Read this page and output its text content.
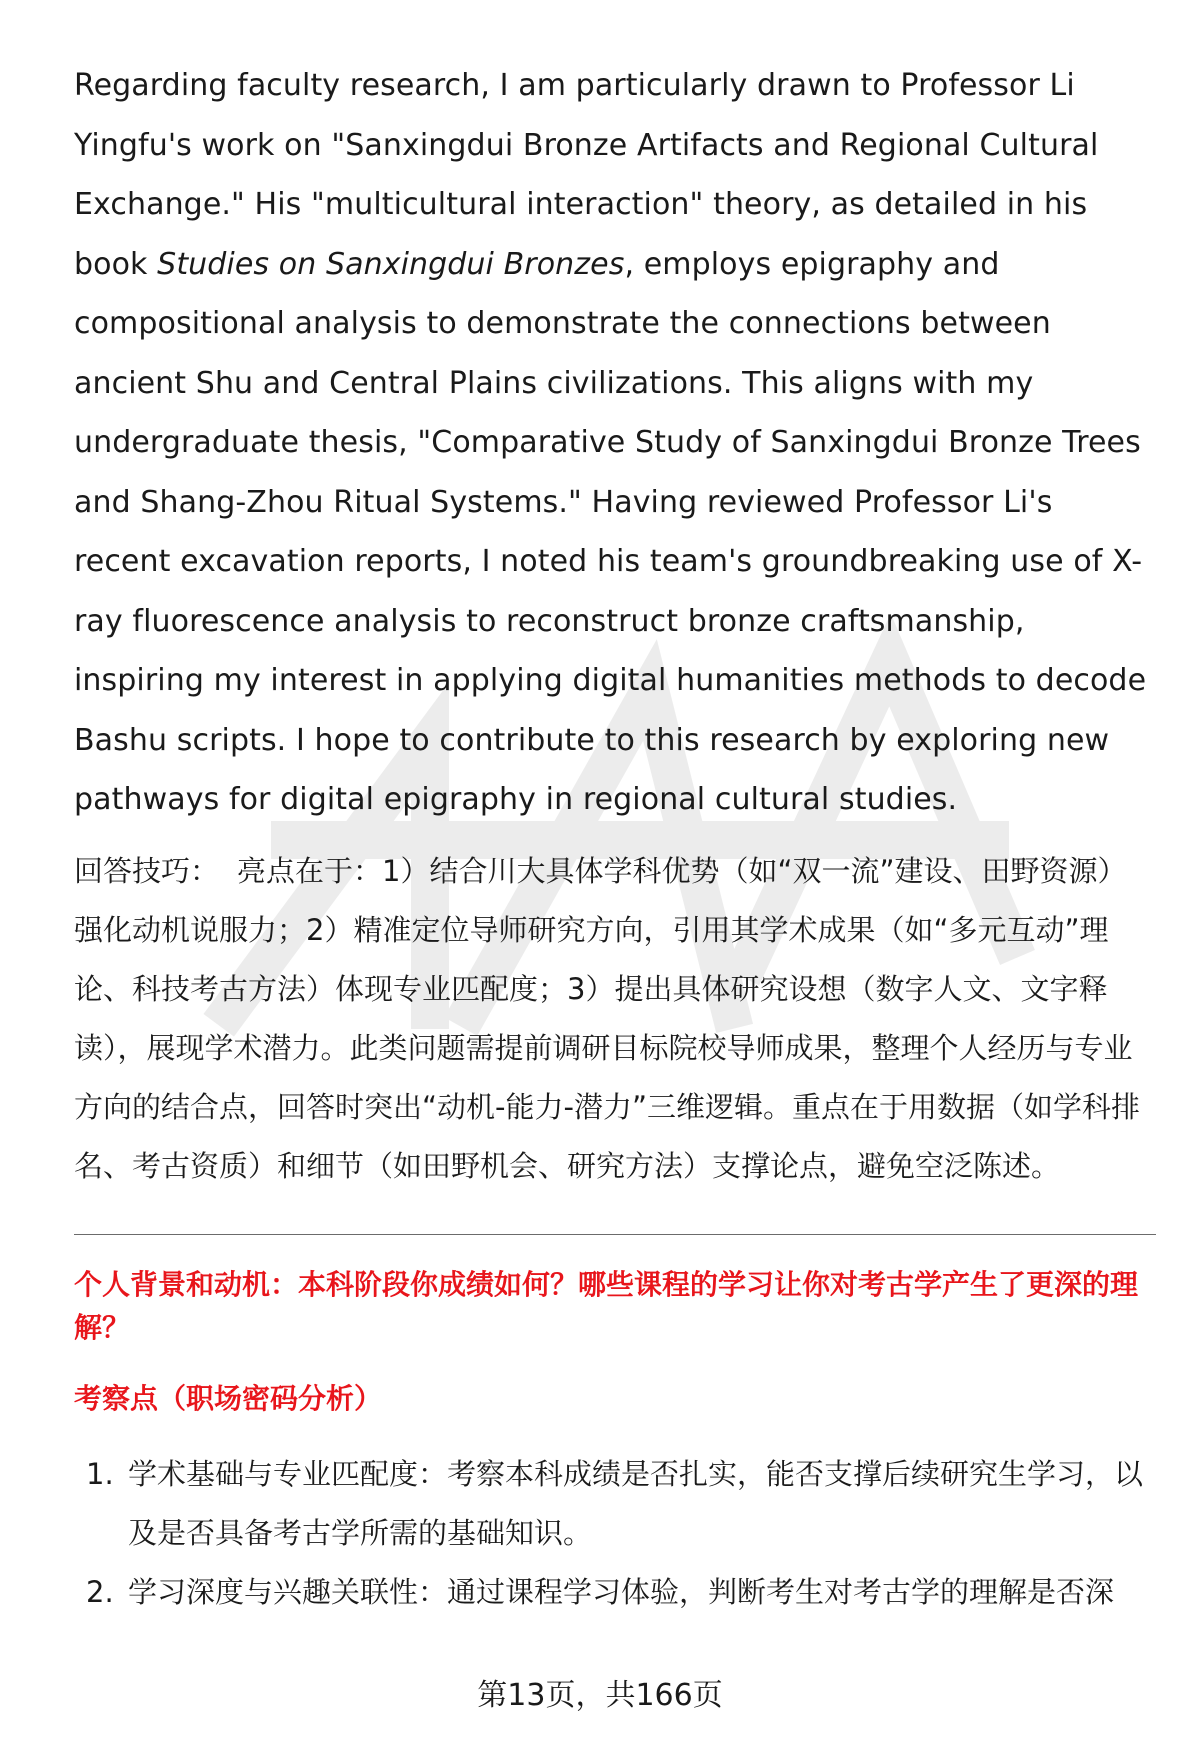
Regarding faculty research, I am particularly drawn to Professor Li Yingfu's work on "Sanxingdui Bronze Artifacts and Regional Cultural Exchange." His "multicultural interaction" theory, as detailed in his book Studies on Sanxingdui Bronzes, employs epigraphy and compositional analysis to demonstrate the connections between ancient Shu and Central Plains civilizations. This aligns with my undergraduate thesis, "Comparative Study of Sanxingdui Bronze Trees and Shang-Zhou Ritual Systems." Having reviewed Professor Li's recent excavation reports, I noted his team's groundbreaking use of X-ray fluorescence analysis to reconstruct bronze craftsmanship, inspiring my interest in applying digital humanities methods to decode Bashu scripts. I hope to contribute to this research by exploring new pathways for digital epigraphy in regional cultural studies.

回答技巧： 亮点在于：1）结合川大具体学科优势（如“双一流”建设、田野资源）强化动机说服力；2）精准定位导师研究方向，引用其学术成果（如“多元互动”理论、科技考古方法）体现专业匹配度；3）提出具体研究设想（数字人文、文字释读），展现学术潜力。此类问题需提前调研目标院校导师成果，整理个人经历与专业方向的结合点，回答时突出“动机-能力-潜力”三维逻辑。重点在于用数据（如学科排名、考古资质）和细节（如田野机会、研究方法）支撑论点，避免空泛陈述。

个人背景和动机：本科阶段你成绩如何？哪些课程的学习让你对考古学产生了更深的理解？
考察点（职场密码分析）
1. 学术基础与专业匹配度：考察本科成绩是否扎实，能否支撑后续研究生学习，以及是否具备考古学所需的基础知识。
2. 学习深度与兴趣关联性：通过课程学习体验，判断考生对考古学的理解是否深
第13页，共166页
